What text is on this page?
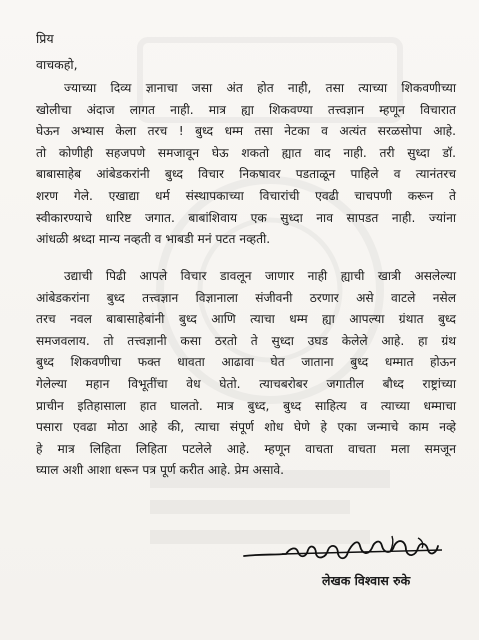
प्रिय
वाचकहो,
ज्याच्या दिव्य ज्ञानाचा जसा अंत होत नाही, तसा त्याच्या शिकवणीच्या
खोलीचा अंदाज लागत नाही. मात्र ह्या शिकवण्या तत्त्वज्ञान म्हणून विचारात
घेऊन अभ्यास केला तरच ! बुध्द धम्म तसा नेटका व अत्यंत सरळसोपा आहे.
तो कोणीही सहजपणे समजावून घेऊ शकतो ह्यात वाद नाही. तरी सुध्दा डॉ.
बाबासाहेब आंबेडकरांनी बुध्द विचार निकषावर पडताळून पाहिले व त्यानंतरच
शरण गेले. एखाद्या धर्म संस्थापकाच्या विचारांची एवढी चाचपणी करून ते
स्वीकारण्याचे धारिष्ट जगात. बाबांशिवाय एक सुध्दा नाव सापडत नाही. ज्यांना
आंधळी श्रध्दा मान्य नव्हती व भाबडी मनं पटत नव्हती.
उद्याची पिढी आपले विचार डावलून जाणार नाही ह्याची खात्री असलेल्या
आंबेडकरांना बुध्द तत्त्वज्ञान विज्ञानाला संजीवनी ठरणार असे वाटले नसेल
तरच नवल बाबासाहेबांनी बुध्द आणि त्याचा धम्म ह्या आपल्या ग्रंथात बुध्द
समजवलाय. तो तत्त्वज्ञानी कसा ठरतो ते सुध्दा उघड केलेले आहे. हा ग्रंथ
बुध्द शिकवणीचा फक्त धावता आढावा घेत जाताना बुध्द धम्मात होऊन
गेलेल्या महान विभूतींचा वेध घेतो. त्याचबरोबर जगातील बौध्द राष्ट्रांच्या
प्राचीन इतिहासाला हात घालतो. मात्र बुध्द, बुध्द साहित्य व त्याच्या धम्माचा
पसारा एवढा मोठा आहे की, त्याचा संपूर्ण शोध घेणे हे एका जन्माचे काम नव्हे
हे मात्र लिहिता लिहिता पटलेले आहे. म्हणून वाचता वाचता मला समजून
घ्याल अशी आशा धरून पत्र पूर्ण करीत आहे. प्रेम असावे.
लेखक विश्वास रुके
